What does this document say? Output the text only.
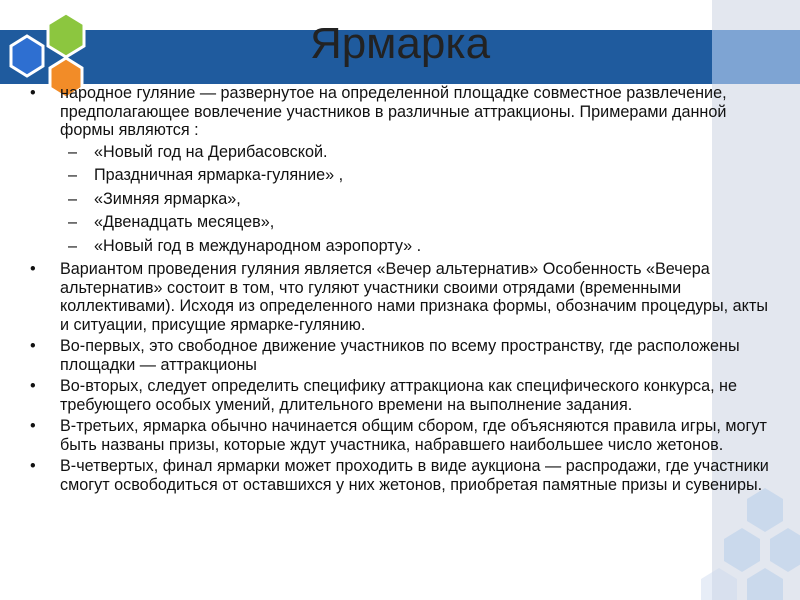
Ярмарка
•	народное гуляние — развернутое на определенной площадке совместное развлечение, предполагающее вовлечение участников в различные аттракционы. Примерами данной формы являются :
– «Новый год на Дерибасовской.
– Праздничная ярмарка-гуляние» ,
– «Зимняя ярмарка»,
– «Двенадцать месяцев»,
– «Новый год в международном аэропорту» .
•	Вариантом проведения гуляния является «Вечер альтернатив» Особенность «Вечера альтернатив» состоит в том, что гуляют участники своими отрядами (временными коллективами). Исходя из определенного нами признака формы, обозначим процедуры, акты и ситуации, присущие ярмарке-гулянию.
•	Во-первых, это свободное движение участников по всему пространству, где расположены площадки — аттракционы
•	Во-вторых, следует определить специфику аттракциона как специфического конкурса, не требующего особых умений, длительного времени на выполнение задания.
•	В-третьих, ярмарка обычно начинается общим сбором, где объясняются правила игры, могут быть названы призы, которые ждут участника, набравшего наибольшее число жетонов.
•	В-четвертых, финал ярмарки может проходить в виде аукциона — распродажи, где участники смогут освободиться от оставшихся у них жетонов, приобретая памятные призы и сувениры.
